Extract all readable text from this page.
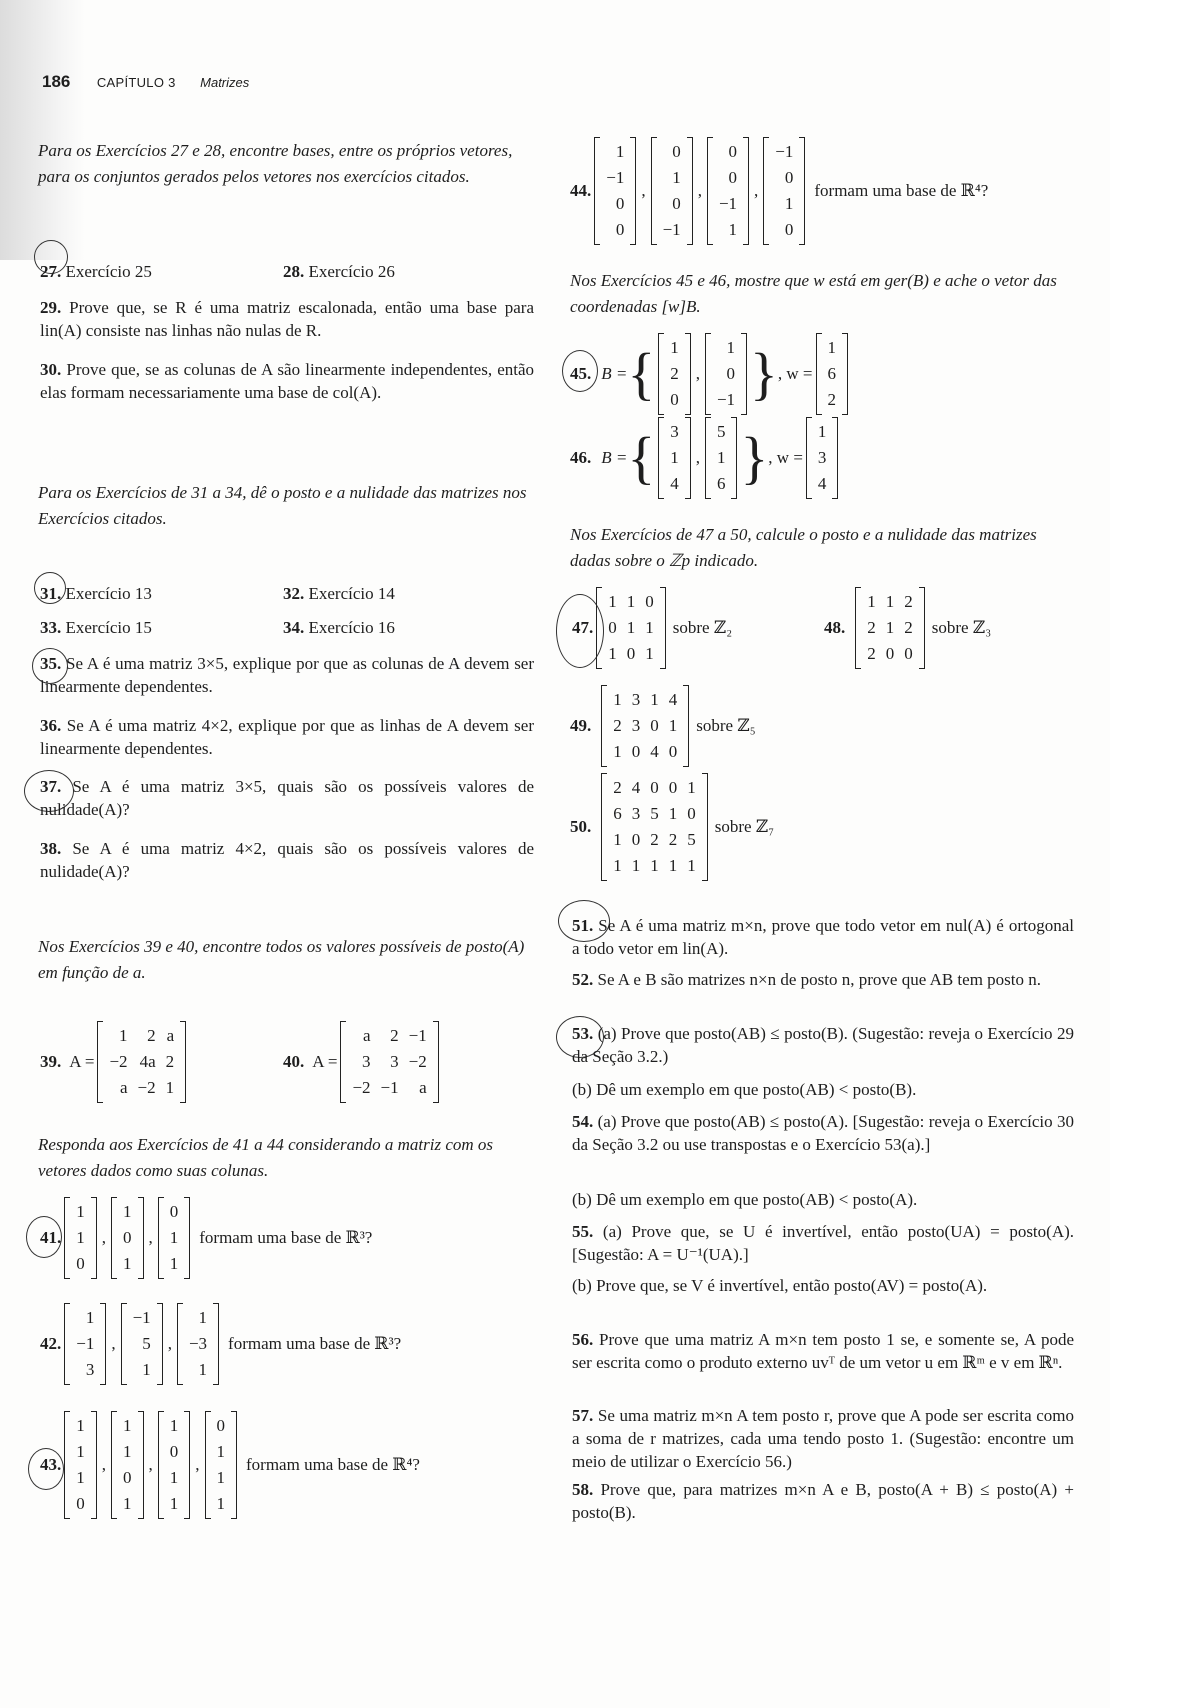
186 CAPÍTULO 3 Matrizes
Para os Exercícios 27 e 28, encontre bases, entre os próprios vetores, para os conjuntos gerados pelos vetores nos exercícios citados.
27. Exercício 25	28. Exercício 26
29. Prove que, se R é uma matriz escalonada, então uma base para lin(A) consiste nas linhas não nulas de R.
30. Prove que, se as colunas de A são linearmente independentes, então elas formam necessariamente uma base de col(A).
Para os Exercícios de 31 a 34, dê o posto e a nulidade das matrizes nos Exercícios citados.
31. Exercício 13	32. Exercício 14
33. Exercício 15	34. Exercício 16
35. Se A é uma matriz 3×5, explique por que as colunas de A devem ser linearmente dependentes.
36. Se A é uma matriz 4×2, explique por que as linhas de A devem ser linearmente dependentes.
37. Se A é uma matriz 3×5, quais são os possíveis valores de nulidade(A)?
38. Se A é uma matriz 4×2, quais são os possíveis valores de nulidade(A)?
Nos Exercícios 39 e 40, encontre todos os valores possíveis de posto(A) em função de a.
39. A =
1	2	a
−2	4a	2
a	−2	1
40. A =
a	2	−1
3	3	−2
−2	−1	a
Responda aos Exercícios de 41 a 44 considerando a matriz com os vetores dados como suas colunas.
41.
1
1
0
,
1
0
1
,
0
1
1
formam uma base de ℝ³?
42.
1
−1
3
,
−1
5
1
,
1
−3
1
formam uma base de ℝ³?
43.
1
1
1
0
,
1
1
0
1
,
1
0
1
1
,
0
1
1
1
formam uma base de ℝ⁴?
44.
1
−1
0
0
,
0
1
0
−1
,
0
0
−1
1
,
−1
0
1
0
formam uma base de ℝ⁴?
Nos Exercícios 45 e 46, mostre que w está em ger(B) e ache o vetor das coordenadas [w]B.
45. B = { 1
2
0
,
1
0
−1 } , w =
1
6
2
46. B = { 3
1
4
,
5
1
6 } , w =
1
3
4
Nos Exercícios de 47 a 50, calcule o posto e a nulidade das matrizes dadas sobre o ℤp indicado.
47.
1	1	0
0	1	1
1	0	1
sobre ℤ₂	48.
1	1	2
2	1	2
2	0	0
sobre ℤ₃
49.
1	3	1	4
2	3	0	1
1	0	4	0
sobre ℤ₅
50.
2	4	0	0	1
6	3	5	1	0
1	0	2	2	5
1	1	1	1	1
sobre ℤ₇
51. Se A é uma matriz m×n, prove que todo vetor em nul(A) é ortogonal a todo vetor em lin(A).
52. Se A e B são matrizes n×n de posto n, prove que AB tem posto n.
53. (a) Prove que posto(AB) ≤ posto(B). (Sugestão: reveja o Exercício 29 da Seção 3.2.)
(b) Dê um exemplo em que posto(AB) < posto(B).
54. (a) Prove que posto(AB) ≤ posto(A). [Sugestão: reveja o Exercício 30 da Seção 3.2 ou use transpostas e o Exercício 53(a).]
(b) Dê um exemplo em que posto(AB) < posto(A).
55. (a) Prove que, se U é invertível, então posto(UA) = posto(A). [Sugestão: A = U⁻¹(UA).]
(b) Prove que, se V é invertível, então posto(AV) = posto(A).
56. Prove que uma matriz A m×n tem posto 1 se, e somente se, A pode ser escrita como o produto externo uvᵀ de um vetor u em ℝᵐ e v em ℝⁿ.
57. Se uma matriz m×n A tem posto r, prove que A pode ser escrita como a soma de r matrizes, cada uma tendo posto 1. (Sugestão: encontre um meio de utilizar o Exercício 56.)
58. Prove que, para matrizes m×n A e B, posto(A + B) ≤ posto(A) + posto(B).
